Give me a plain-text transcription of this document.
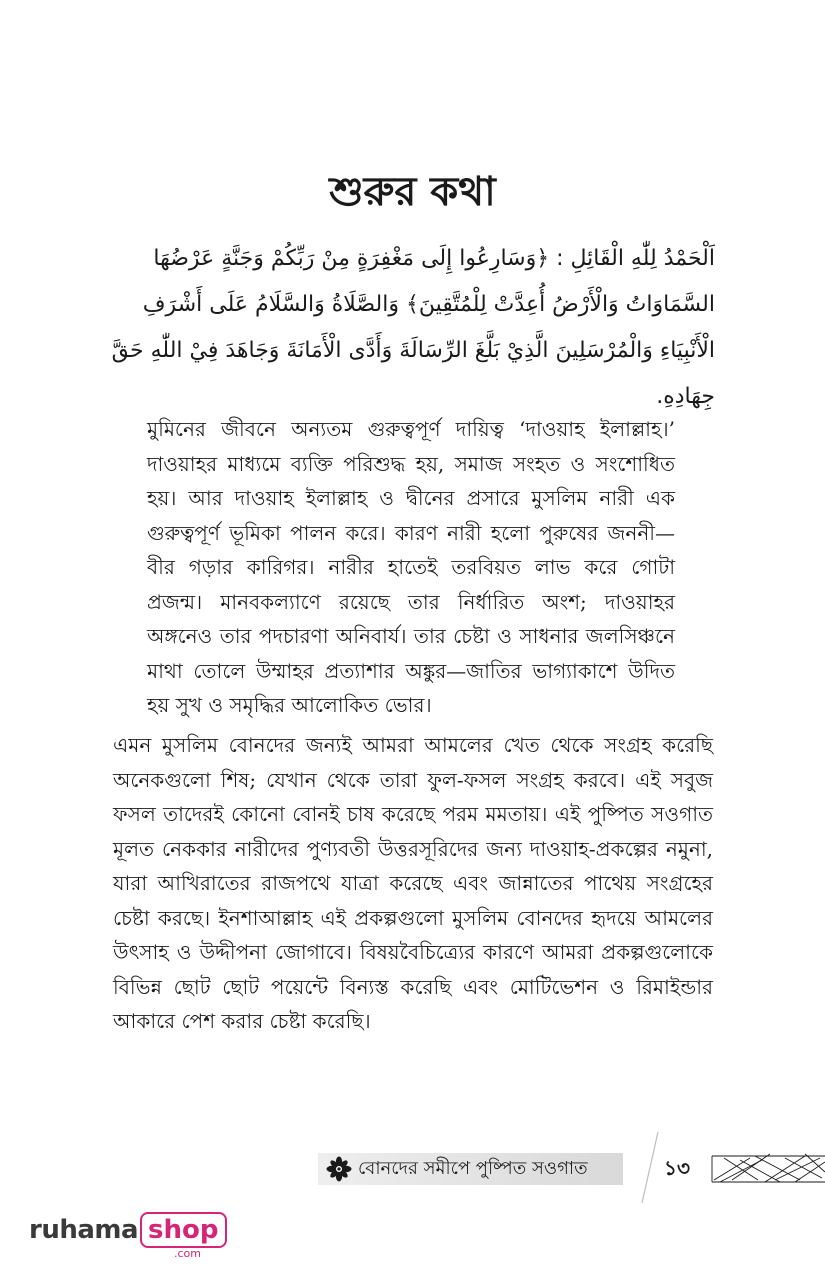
শুরুর কথা

اَلْحَمْدُ لِلّٰهِ الْقَائِلِ : ﴿وَسَارِعُوا إِلَى مَغْفِرَةٍ مِنْ رَبِّكُمْ وَجَنَّةٍ عَرْضُهَا

السَّمَاوَاتُ وَالْأَرْضُ أُعِدَّتْ لِلْمُتَّقِينَ﴾ وَالصَّلَاةُ وَالسَّلَامُ عَلَى أَشْرَفِ

الْأَنْبِيَاءِ وَالْمُرْسَلِينَ الَّذِيْ بَلَّغَ الرِّسَالَةَ وَأَدَّى الْأَمَانَةَ وَجَاهَدَ فِيْ اللّٰهِ حَقَّ

جِهَادِهِ.

মুমিনের জীবনে অন্যতম গুরুত্বপূর্ণ দায়িত্ব ‘দাওয়াহ ইলাল্লাহ।’ দাওয়াহর মাধ্যমে ব্যক্তি পরিশুদ্ধ হয়, সমাজ সংহত ও সংশোধিত হয়। আর দাওয়াহ ইলাল্লাহ ও দ্বীনের প্রসারে মুসলিম নারী এক গুরুত্বপূর্ণ ভূমিকা পালন করে। কারণ নারী হলো পুরুষের জননী—বীর গড়ার কারিগর। নারীর হাতেই তরবিয়ত লাভ করে গোটা প্রজন্ম। মানবকল্যাণে রয়েছে তার নির্ধারিত অংশ; দাওয়াহর অঙ্গনেও তার পদচারণা অনিবার্য। তার চেষ্টা ও সাধনার জলসিঞ্চনে মাথা তোলে উম্মাহর প্রত্যাশার অঙ্কুর—জাতির ভাগ্যাকাশে উদিত হয় সুখ ও সমৃদ্ধির আলোকিত ভোর।

এমন মুসলিম বোনদের জন্যই আমরা আমলের খেত থেকে সংগ্রহ করেছি অনেকগুলো শিষ; যেখান থেকে তারা ফুল-ফসল সংগ্রহ করবে। এই সবুজ ফসল তাদেরই কোনো বোনই চাষ করেছে পরম মমতায়। এই পুষ্পিত সওগাত মূলত নেককার নারীদের পুণ্যবতী উত্তরসূরিদের জন্য দাওয়াহ-প্রকল্পের নমুনা, যারা আখিরাতের রাজপথে যাত্রা করেছে এবং জান্নাতের পাথেয় সংগ্রহের চেষ্টা করছে। ইনশাআল্লাহ এই প্রকল্পগুলো মুসলিম বোনদের হৃদয়ে আমলের উৎসাহ ও উদ্দীপনা জোগাবে। বিষয়বৈচিত্র্যের কারণে আমরা প্রকল্পগুলোকে বিভিন্ন ছোট ছোট পয়েন্টে বিন্যস্ত করেছি এবং মোটিভেশন ও রিমাইন্ডার আকারে পেশ করার চেষ্টা করেছি।

বোনদের সমীপে পুষ্পিত সওগাত	১৩
ruhama shop
.com
